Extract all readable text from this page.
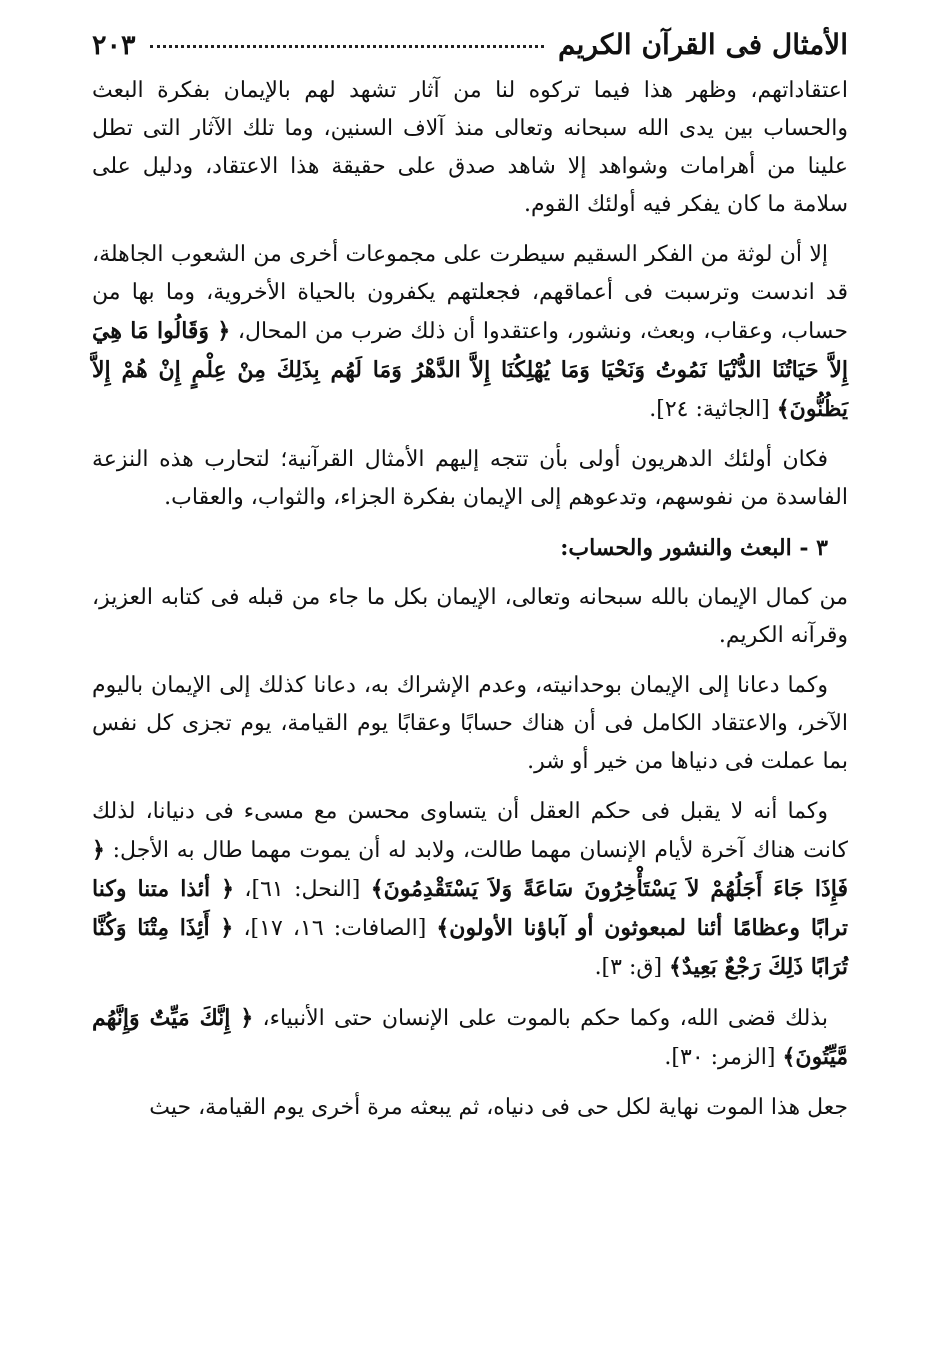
الأمثال فى القرآن الكريم
٢٠٣

اعتقاداتهم، وظهر هذا فيما تركوه لنا من آثار تشهد لهم بالإيمان بفكرة البعث والحساب بين يدى الله سبحانه وتعالى منذ آلاف السنين، وما تلك الآثار التى تطل علينا من أهرامات وشواهد إلا شاهد صدق على حقيقة هذا الاعتقاد، ودليل على سلامة ما كان يفكر فيه أولئك القوم.

إلا أن لوثة من الفكر السقيم سيطرت على مجموعات أخرى من الشعوب الجاهلة، قد اندست وترسبت فى أعماقهم، فجعلتهم يكفرون بالحياة الأخروية، وما بها من حساب، وعقاب، وبعث، ونشور، واعتقدوا أن ذلك ضرب من المحال، ﴿ وَقَالُوا مَا هِيَ إِلاَّ حَيَاتُنَا الدُّنْيَا نَمُوتُ وَنَحْيَا وَمَا يُهْلِكُنَا إِلاَّ الدَّهْرُ وَمَا لَهُم بِذَلِكَ مِنْ عِلْمٍ إِنْ هُمْ إِلاَّ يَظُنُّونَ﴾ [الجاثية: ٢٤].

فكان أولئك الدهريون أولى بأن تتجه إليهم الأمثال القرآنية؛ لتحارب هذه النزعة الفاسدة من نفوسهم، وتدعوهم إلى الإيمان بفكرة الجزاء، والثواب، والعقاب.

٣ - البعث والنشور والحساب:

من كمال الإيمان بالله سبحانه وتعالى، الإيمان بكل ما جاء من قبله فى كتابه العزيز، وقرآنه الكريم.

وكما دعانا إلى الإيمان بوحدانيته، وعدم الإشراك به، دعانا كذلك إلى الإيمان باليوم الآخر، والاعتقاد الكامل فى أن هناك حسابًا وعقابًا يوم القيامة، يوم تجزى كل نفس بما عملت فى دنياها من خير أو شر.

وكما أنه لا يقبل فى حكم العقل أن يتساوى محسن مع مسىء فى دنيانا، لذلك كانت هناك آخرة لأيام الإنسان مهما طالت، ولابد له أن يموت مهما طال به الأجل: ﴿ فَإِذَا جَاءَ أَجَلُهُمْ لاَ يَسْتَأْخِرُونَ سَاعَةً وَلاَ يَسْتَقْدِمُونَ﴾ [النحل: ٦١]، ﴿ أئذا متنا وكنا ترابًا وعظامًا أئنا لمبعوثون أو آباؤنا الأولون﴾ [الصافات: ١٦، ١٧]، ﴿ أَئِذَا مِتْنَا وَكُنَّا تُرَابًا ذَلِكَ رَجْعٌ بَعِيدٌ﴾ [ق: ٣].

بذلك قضى الله، وكما حكم بالموت على الإنسان حتى الأنبياء، ﴿ إِنَّكَ مَيِّتٌ وَإِنَّهُم مَّيِّتُونَ﴾ [الزمر: ٣٠].

جعل هذا الموت نهاية لكل حى فى دنياه، ثم يبعثه مرة أخرى يوم القيامة، حيث
